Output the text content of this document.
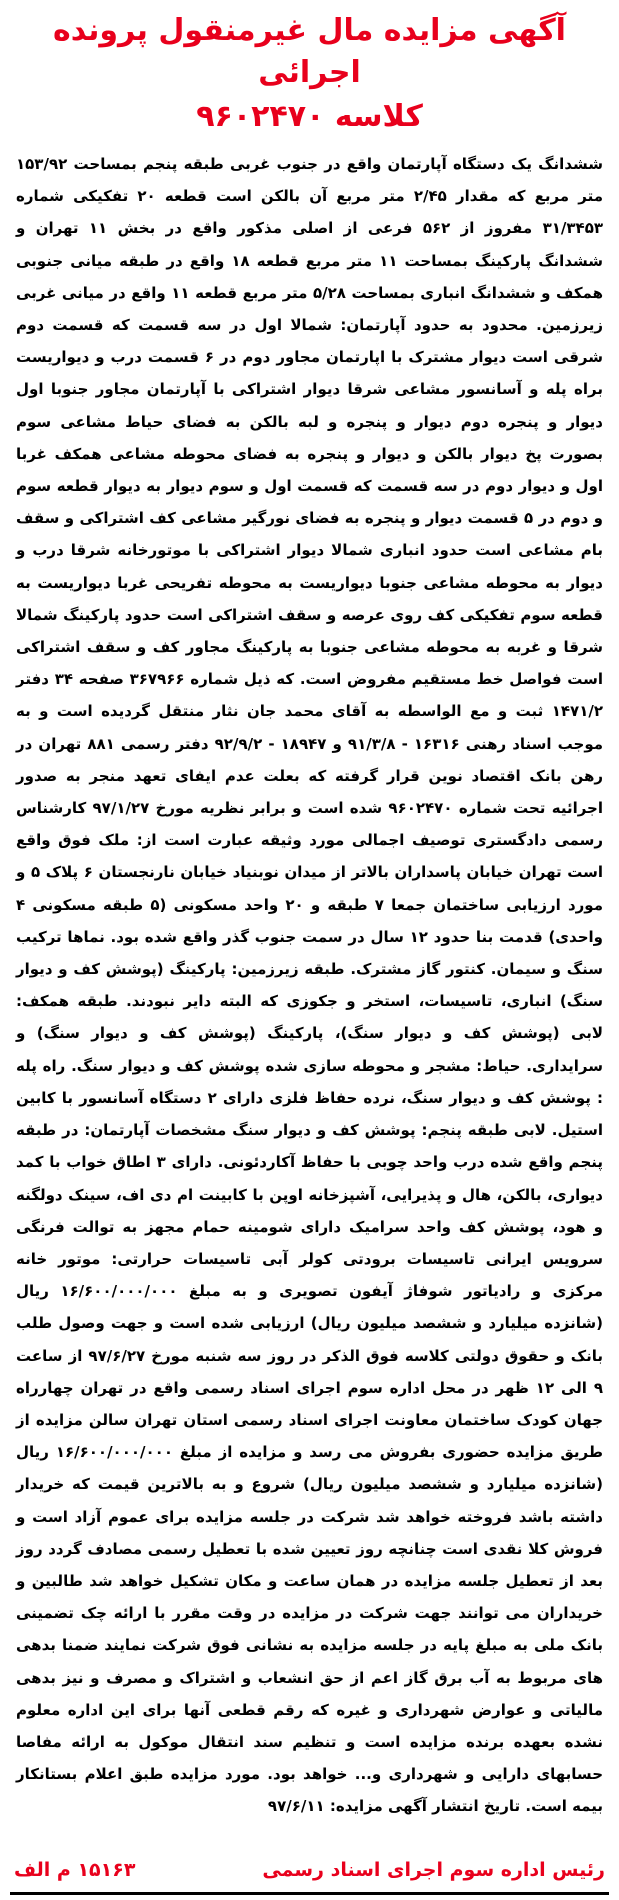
آگهی مزایده مال غیرمنقول پرونده اجرائی
کلاسه ۹۶۰۲۴۷۰

ششدانگ یک دستگاه آپارتمان واقع در جنوب غربی طبقه پنجم بمساحت ۱۵۳/۹۲ متر مربع که مقدار ۲/۴۵ متر مربع آن بالکن است قطعه ۲۰ تفکیکی شماره ۳۱/۳۴۵۳ مفروز از ۵۶۲ فرعی از اصلی مذکور واقع در بخش ۱۱ تهران و ششدانگ پارکینگ بمساحت ۱۱ متر مربع قطعه ۱۸ واقع در طبقه میانی جنوبی همکف و ششدانگ انباری بمساحت ۵/۲۸ متر مربع قطعه ۱۱ واقع در میانی غربی زیرزمین. محدود به حدود آپارتمان: شمالا اول در سه قسمت که قسمت دوم شرقی است دیوار مشترک با اپارتمان مجاور دوم در ۶ قسمت درب و دیواریست براه پله و آسانسور مشاعی شرقا دیوار اشتراکی با آپارتمان مجاور جنوبا اول دیوار و پنجره دوم دیوار و پنجره و لبه بالکن به فضای حیاط مشاعی سوم بصورت پخ دیوار بالکن و دیوار و پنجره به فضای محوطه مشاعی همکف غربا اول و دیوار دوم در سه قسمت که قسمت اول و سوم دیوار به دیوار قطعه سوم و دوم در ۵ قسمت دیوار و پنجره به فضای نورگیر مشاعی کف اشتراکی و سقف بام مشاعی است حدود انباری شمالا دیوار اشتراکی با موتورخانه شرقا درب و دیوار به محوطه مشاعی جنوبا دیواریست به محوطه تفریحی غربا دیواریست به قطعه سوم تفکیکی کف روی عرصه و سقف اشتراکی است حدود پارکینگ شمالا شرقا و غربه به محوطه مشاعی جنوبا به پارکینگ مجاور کف و سقف اشتراکی است فواصل خط مستقیم مفروض است. که ذیل شماره ۳۶۷۹۶۶ صفحه ۳۴ دفتر ۱۴۷۱/۲ ثبت و مع الواسطه به آقای محمد جان نثار منتقل گردیده است و به موجب اسناد رهنی ۱۶۳۱۶ - ۹۱/۳/۸ و ۱۸۹۴۷ - ۹۲/۹/۲ دفتر رسمی ۸۸۱ تهران در رهن بانک اقتصاد نوین قرار گرفته که بعلت عدم ایفای تعهد منجر به صدور اجرائیه تحت شماره ۹۶۰۲۴۷۰ شده است و برابر نظریه مورخ ۹۷/۱/۲۷ کارشناس رسمی دادگستری توصیف اجمالی مورد وثیقه عبارت است از: ملک فوق واقع است تهران خیابان پاسداران بالاتر از میدان نوبنیاد خیابان نارنجستان ۶ پلاک ۵ و مورد ارزیابی ساختمان جمعا ۷ طبقه و ۲۰ واحد مسکونی (۵ طبقه مسکونی ۴ واحدی) قدمت بنا حدود ۱۲ سال در سمت جنوب گذر واقع شده بود. نماها ترکیب سنگ و سیمان. کنتور گاز مشترک. طبقه زیرزمین: پارکینگ (پوشش کف و دیوار سنگ) انباری، تاسیسات، استخر و جکوزی که البته دایر نبودند. طبقه همکف: لابی (پوشش کف و دیوار سنگ)، پارکینگ (پوشش کف و دیوار سنگ) و سرایداری. حیاط: مشجر و محوطه سازی شده پوشش کف و دیوار سنگ. راه پله : پوشش کف و دیوار سنگ، نرده حفاظ فلزی دارای ۲ دستگاه آسانسور با کابین استیل. لابی طبقه پنجم: پوشش کف و دیوار سنگ مشخصات آپارتمان: در طبقه پنجم واقع شده درب واحد چوبی با حفاظ آکاردئونی. دارای ۳ اطاق خواب با کمد دیواری، بالکن، هال و پذیرایی، آشپزخانه اوپن با کابینت ام دی اف، سینک دولگنه و هود، پوشش کف واحد سرامیک دارای شومینه حمام مجهز به توالت فرنگی سرویس ایرانی تاسیسات برودتی کولر آبی تاسیسات حرارتی: موتور خانه مرکزی و رادیاتور شوفاژ آیفون تصویری و به مبلغ ۱۶/۶۰۰/۰۰۰/۰۰۰ ریال (شانزده میلیارد و ششصد میلیون ریال) ارزیابی شده است و جهت وصول طلب بانک و حقوق دولتی کلاسه فوق الذکر در روز سه شنبه مورخ ۹۷/۶/۲۷ از ساعت ۹ الی ۱۲ ظهر در محل اداره سوم اجرای اسناد رسمی واقع در تهران چهارراه جهان کودک ساختمان معاونت اجرای اسناد رسمی استان تهران سالن مزایده از طریق مزایده حضوری بفروش می رسد و مزایده از مبلغ ۱۶/۶۰۰/۰۰۰/۰۰۰ ریال (شانزده میلیارد و ششصد میلیون ریال) شروع و به بالاترین قیمت که خریدار داشته باشد فروخته خواهد شد شرکت در جلسه مزایده برای عموم آزاد است و فروش کلا نقدی است چنانچه روز تعیین شده با تعطیل رسمی مصادف گردد روز بعد از تعطیل جلسه مزایده در همان ساعت و مکان تشکیل خواهد شد طالبین و خریداران می توانند جهت شرکت در مزایده در وقت مقرر با ارائه چک تضمینی بانک ملی به مبلغ پایه در جلسه مزایده به نشانی فوق شرکت نمایند ضمنا بدهی های مربوط به آب برق گاز اعم از حق انشعاب و اشتراک و مصرف و نیز بدهی مالیاتی و عوارض شهرداری و غیره که رقم قطعی آنها برای این اداره معلوم نشده بعهده برنده مزایده است و تنظیم سند انتقال موکول به ارائه مفاصا حسابهای دارایی و شهرداری و... خواهد بود. مورد مزایده طبق اعلام بستانکار بیمه است. تاریخ انتشار آگهی مزایده: ۹۷/۶/۱۱

رئیس اداره سوم اجرای اسناد رسمی
۱۵۱۶۳ م الف
